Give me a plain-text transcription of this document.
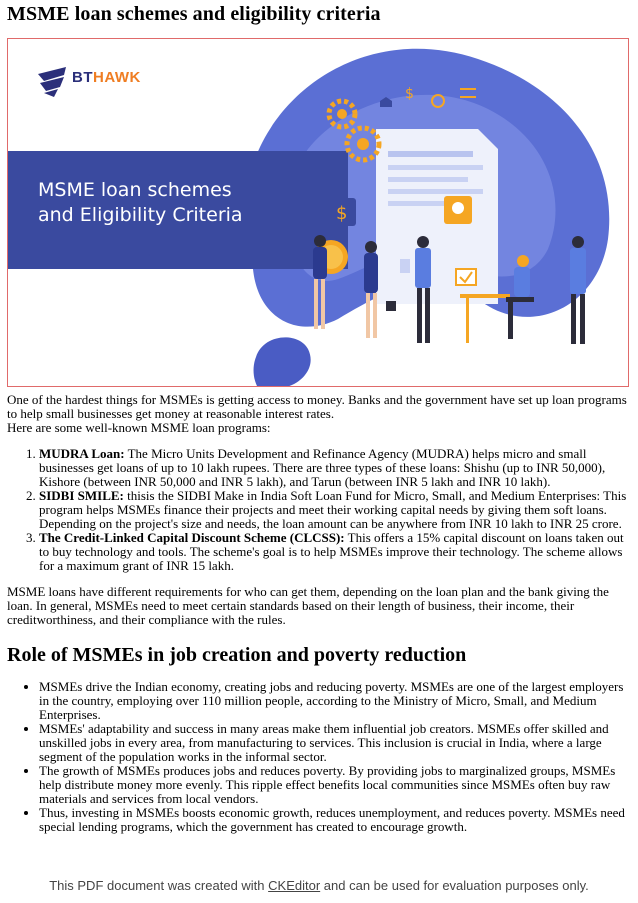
MSME loan schemes and eligibility criteria
$
$
BTHAWK
MSME loan schemes
and Eligibility Criteria

One of the hardest things for MSMEs is getting access to money. Banks and the government have set up loan programs to help small businesses get money at reasonable interest rates.

Here are some well-known MSME loan programs:

1. MUDRA Loan: The Micro Units Development and Refinance Agency (MUDRA) helps micro and small businesses get loans of up to 10 lakh rupees. There are three types of these loans: Shishu (up to INR 50,000), Kishore (between INR 50,000 and INR 5 lakh), and Tarun (between INR 5 lakh and INR 10 lakh).
2. SIDBI SMILE: thisis the SIDBI Make in India Soft Loan Fund for Micro, Small, and Medium Enterprises: This program helps MSMEs finance their projects and meet their working capital needs by giving them soft loans. Depending on the project's size and needs, the loan amount can be anywhere from INR 10 lakh to INR 25 crore.
3. The Credit-Linked Capital Discount Scheme (CLCSS): This offers a 15% capital discount on loans taken out to buy technology and tools. The scheme's goal is to help MSMEs improve their technology. The scheme allows for a maximum grant of INR 15 lakh.

MSME loans have different requirements for who can get them, depending on the loan plan and the bank giving the loan. In general, MSMEs need to meet certain standards based on their length of business, their income, their creditworthiness, and their compliance with the rules.

Role of MSMEs in job creation and poverty reduction
• MSMEs drive the Indian economy, creating jobs and reducing poverty. MSMEs are one of the largest employers in the country, employing over 110 million people, according to the Ministry of Micro, Small, and Medium Enterprises.
• MSMEs' adaptability and success in many areas make them influential job creators. MSMEs offer skilled and unskilled jobs in every area, from manufacturing to services. This inclusion is crucial in India, where a large segment of the population works in the informal sector.
• The growth of MSMEs produces jobs and reduces poverty. By providing jobs to marginalized groups, MSMEs help distribute money more evenly. This ripple effect benefits local communities since MSMEs often buy raw materials and services from local vendors.
• Thus, investing in MSMEs boosts economic growth, reduces unemployment, and reduces poverty. MSMEs need special lending programs, which the government has created to encourage growth.
This PDF document was created with CKEditor and can be used for evaluation purposes only.
